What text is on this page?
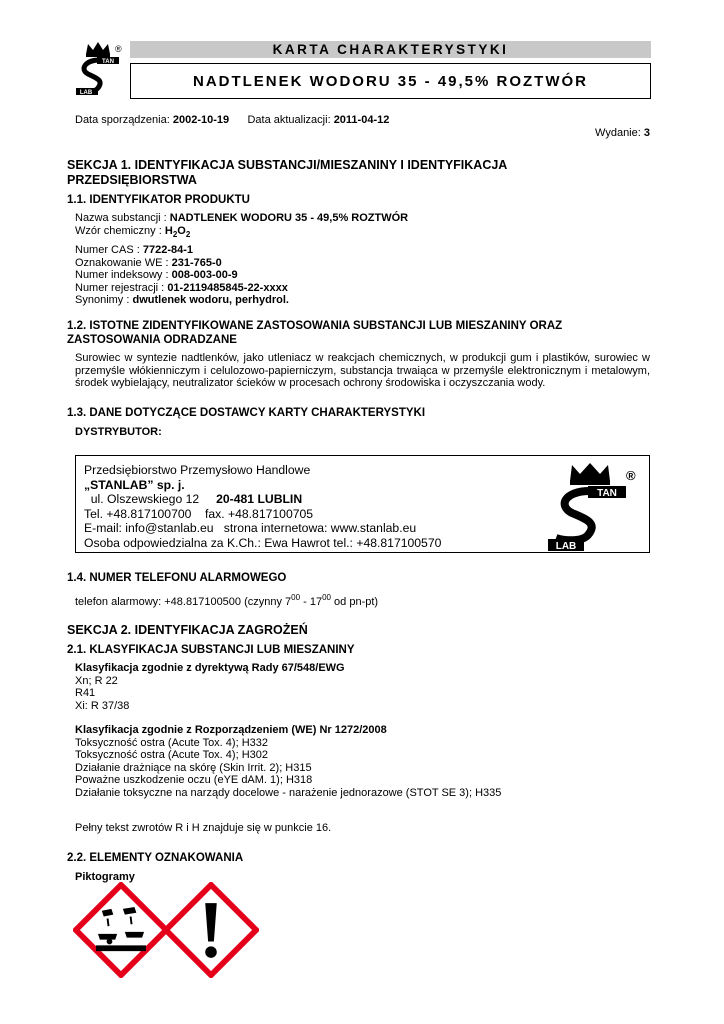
TAN
LAB
®	KARTA CHARAKTERYSTYKI
NADTLENEK WODORU 35 - 49,5% ROZTWÓR
Data sporządzenia: 2002-10-19 Data aktualizacji: 2011-04-12
Wydanie: 3
SEKCJA 1. IDENTYFIKACJA SUBSTANCJI/MIESZANINY I IDENTYFIKACJA
PRZEDSIĘBIORSTWA
1.1. IDENTYFIKATOR PRODUKTU
Nazwa substancji : NADTLENEK WODORU 35 - 49,5% ROZTWÓR
Wzór chemiczny : $H_2O_2$
Numer CAS : 7722-84-1
Oznakowanie WE : 231-765-0
Numer indeksowy : 008-003-00-9
Numer rejestracji : 01-2119485845-22-xxxx
Synonimy : dwutlenek wodoru, perhydrol.
1.2. ISTOTNE ZIDENTYFIKOWANE ZASTOSOWANIA SUBSTANCJI LUB MIESZANINY ORAZ
ZASTOSOWANIA ODRADZANE
Surowiec w syntezie nadtlenków, jako utleniacz w reakcjach chemicznych, w produkcji gum i plastików, surowiec w przemyśle włókienniczym i celulozowo-papierniczym, substancja trwaiąca w przemyśle elektronicznym i metalowym, środek wybielający, neutralizator ścieków w procesach ochrony środowiska i oczyszczania wody.
1.3. DANE DOTYCZĄCE DOSTAWCY KARTY CHARAKTERYSTYKI
DYSTRYBUTOR:
Przedsiębiorstwo Przemysłowo Handlowe
„STANLAB” sp. j.
ul. Olszewskiego 12 20-481 LUBLIN
Tel. +48.817100700 fax. +48.817100705
E-mail: info@stanlab.eu strona internetowa: www.stanlab.eu
Osoba odpowiedzialna za K.Ch.: Ewa Hawrot tel.: +48.817100570
TAN
LAB
®
1.4. NUMER TELEFONU ALARMOWEGO
telefon alarmowy: +48.817100500 (czynny $7^{00} - 17^{00}$ od pn-pt)
SEKCJA 2. IDENTYFIKACJA ZAGROŻEŃ
2.1. KLASYFIKACJA SUBSTANCJI LUB MIESZANINY
Klasyfikacja zgodnie z dyrektywą Rady 67/548/EWG
Xn; R 22
R41
Xi: R 37/38
Klasyfikacja zgodnie z Rozporządzeniem (WE) Nr 1272/2008
Toksyczność ostra (Acute Tox. 4); H332
Toksyczność ostra (Acute Tox. 4); H302
Działanie drażniące na skórę (Skin Irrit. 2); H315
Poważne uszkodzenie oczu (eYE dAM. 1); H318
Działanie toksyczne na narządy docelowe - narażenie jednorazowe (STOT SE 3); H335
Pełny tekst zwrotów R i H znajduje się w punkcie 16.
2.2. ELEMENTY OZNAKOWANIA
Piktogramy
